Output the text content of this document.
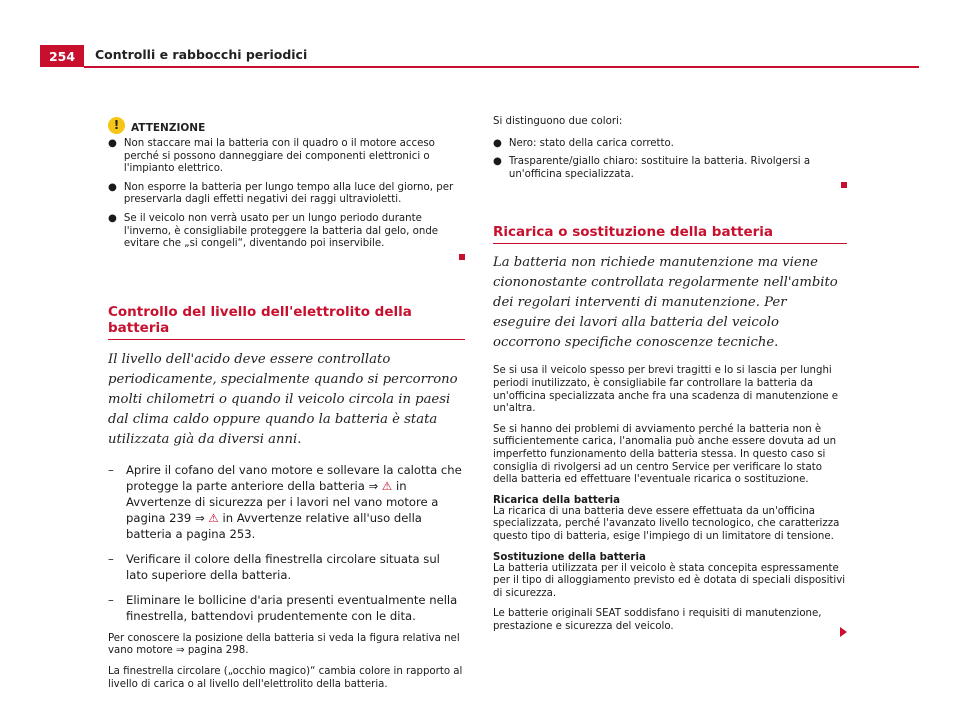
254	Controlli e rabbocchi periodici
!	ATTENZIONE
● Non staccare mai la batteria con il quadro o il motore acceso perché si possono danneggiare dei componenti elettronici o l'impianto elettrico.
● Non esporre la batteria per lungo tempo alla luce del giorno, per preservarla dagli effetti negativi dei raggi ultravioletti.
● Se il veicolo non verrà usato per un lungo periodo durante l'inverno, è consigliabile proteggere la batteria dal gelo, onde evitare che „si congeli“, diventando poi inservibile.
Controllo del livello dell'elettrolito della batteria

Il livello dell'acido deve essere controllato periodicamente, specialmente quando si percorrono molti chilometri o quando il veicolo circola in paesi dal clima caldo oppure quando la batteria è stata utilizzata già da diversi anni.

–	Aprire il cofano del vano motore e sollevare la calotta che protegge la parte anteriore della batteria ⇒ ⚠ in Avvertenze di sicurezza per i lavori nel vano motore a pagina 239 ⇒ ⚠ in Avvertenze relative all'uso della batteria a pagina 253.
–	Verificare il colore della finestrella circolare situata sul lato superiore della batteria.
–	Eliminare le bollicine d'aria presenti eventualmente nella finestrella, battendovi prudentemente con le dita.

Per conoscere la posizione della batteria si veda la figura relativa nel vano motore ⇒ pagina 298.

La finestrella circolare („occhio magico)“ cambia colore in rapporto al livello di carica o al livello dell'elettrolito della batteria.

Si distinguono due colori:

● Nero: stato della carica corretto.
● Trasparente/giallo chiaro: sostituire la batteria. Rivolgersi a un'officina specializzata.
Ricarica o sostituzione della batteria

La batteria non richiede manutenzione ma viene ciononostante controllata regolarmente nell'ambito dei regolari interventi di manutenzione. Per eseguire dei lavori alla batteria del veicolo occorrono specifiche conoscenze tecniche.

Se si usa il veicolo spesso per brevi tragitti e lo si lascia per lunghi periodi inutilizzato, è consigliabile far controllare la batteria da un'officina specializzata anche fra una scadenza di manutenzione e un'altra.

Se si hanno dei problemi di avviamento perché la batteria non è sufficientemente carica, l'anomalia può anche essere dovuta ad un imperfetto funzionamento della batteria stessa. In questo caso si consiglia di rivolgersi ad un centro Service per verificare lo stato della batteria ed effettuare l'eventuale ricarica o sostituzione.

Ricarica della batteria

La ricarica di una batteria deve essere effettuata da un'officina specializzata, perché l'avanzato livello tecnologico, che caratterizza questo tipo di batteria, esige l'impiego di un limitatore di tensione.

Sostituzione della batteria

La batteria utilizzata per il veicolo è stata concepita espressamente per il tipo di alloggiamento previsto ed è dotata di speciali dispositivi di sicurezza.

Le batterie originali SEAT soddisfano i requisiti di manutenzione, prestazione e sicurezza del veicolo.
